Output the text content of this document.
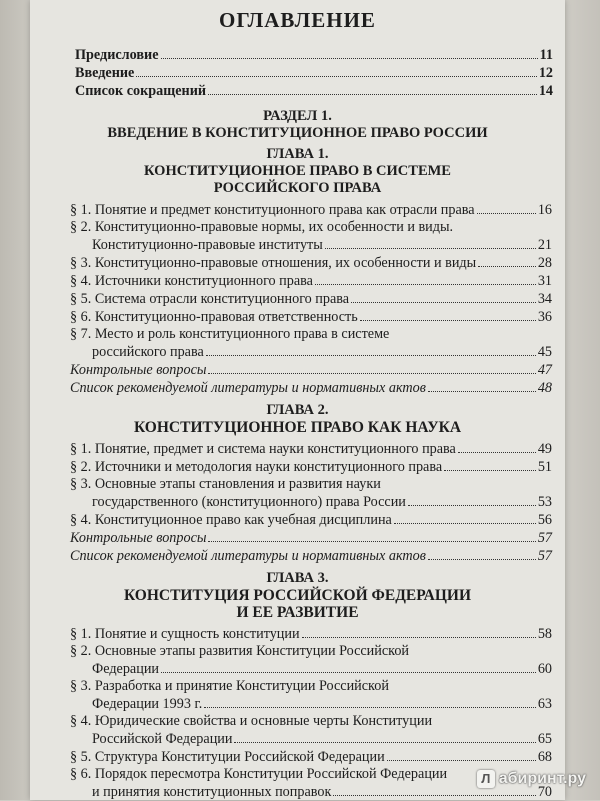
ОГЛАВЛЕНИЕ
Предисловие	11
Введение	12
Список сокращений	14
РАЗДЕЛ 1.
ВВЕДЕНИЕ В КОНСТИТУЦИОННОЕ ПРАВО РОССИИ
ГЛАВА 1.
КОНСТИТУЦИОННОЕ ПРАВО В СИСТЕМЕ
РОССИЙСКОГО ПРАВА
§ 1. Понятие и предмет конституционного права как отрасли права	16
§ 2. Конституционно-правовые нормы, их особенности и виды.
Конституционно-правовые институты	21
§ 3. Конституционно-правовые отношения, их особенности и виды	28
§ 4. Источники конституционного права	31
§ 5. Система отрасли конституционного права	34
§ 6. Конституционно-правовая ответственность	36
§ 7. Место и роль конституционного права в системе
российского права	45
Контрольные вопросы	47
Список рекомендуемой литературы и нормативных актов	48
ГЛАВА 2.
КОНСТИТУЦИОННОЕ ПРАВО КАК НАУКА
§ 1. Понятие, предмет и система науки конституционного права	49
§ 2. Источники и методология науки конституционного права	51
§ 3. Основные этапы становления и развития науки
государственного (конституционного) права России	53
§ 4. Конституционное право как учебная дисциплина	56
Контрольные вопросы	57
Список рекомендуемой литературы и нормативных актов	57
ГЛАВА 3.
КОНСТИТУЦИЯ РОССИЙСКОЙ ФЕДЕРАЦИИ
И ЕЕ РАЗВИТИЕ
§ 1. Понятие и сущность конституции	58
§ 2. Основные этапы развития Конституции Российской
Федерации	60
§ 3. Разработка и принятие Конституции Российской
Федерации 1993 г.	63
§ 4. Юридические свойства и основные черты Конституции
Российской Федерации	65
§ 5. Структура Конституции Российской Федерации	68
§ 6. Порядок пересмотра Конституции Российской Федерации
и принятия конституционных поправок	70
Л абиринт.ру
